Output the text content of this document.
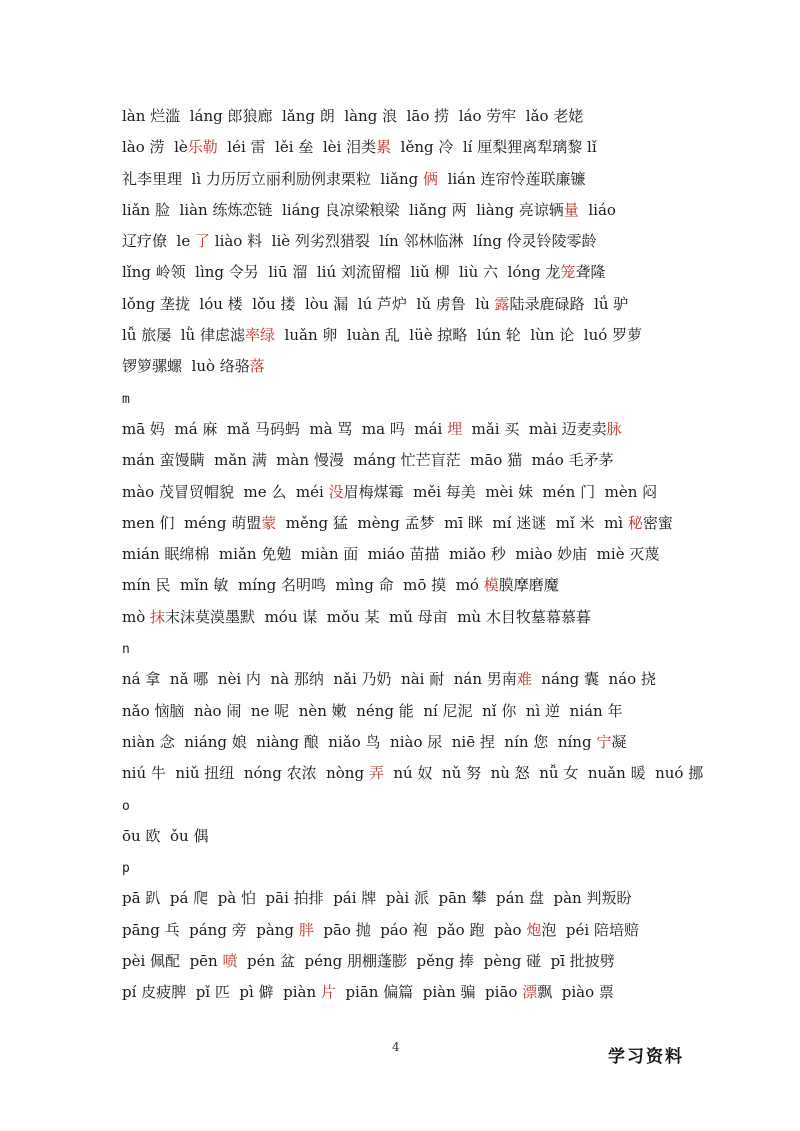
làn 烂滥  láng 郎狼廊  lǎng 朗  làng 浪  lāo 捞  láo 劳牢  lǎo 老姥
lào 涝  lè乐勒  léi 雷  lěi 垒  lèi 泪类累  lěng 冷  lí 厘梨狸离犁璃黎 lǐ
礼李里理  lì 力历厉立丽利励例隶栗粒  liǎng 俩  lián 连帘怜莲联廉镰
liǎn 脸  liàn 练炼恋链  liáng 良凉梁粮梁  liǎng 两  liàng 亮谅辆量  liáo
辽疗僚  le 了 liào 料  liè 列劣烈猎裂  lín 邻林临淋  líng 伶灵铃陵零龄
lǐng 岭领  lìng 令另  liū 溜  liú 刘流留榴  liǔ 柳  liù 六  lóng 龙笼聋隆
lǒng 垄拢  lóu 楼  lǒu 搂  lòu 漏  lú 芦炉  lǔ 虏鲁  lù 露陆录鹿碌路  lǘ 驴
lǚ 旅屡  lǜ 律虑滤率绿  luǎn 卵  luàn 乱  lüè 掠略  lún 轮  lùn 论  luó 罗萝
锣箩骡螺  luò 络骆落
m
mā 妈  má 麻  mǎ 马码蚂  mà 骂  ma 吗  mái 埋  mǎi 买  mài 迈麦卖脉
mán 蛮馒瞒  mǎn 满  màn 慢漫  máng 忙芒盲茫  māo 猫  máo 毛矛茅
mào 茂冒贸帽貌  me 么  méi 没眉梅煤霉  měi 每美  mèi 妹  mén 门  mèn 闷
men 们  méng 萌盟蒙  měng 猛  mèng 孟梦  mī 眯  mí 迷谜  mǐ 米  mì 秘密蜜
mián 眠绵棉  miǎn 免勉  miàn 面  miáo 苗描  miǎo 秒  miào 妙庙  miè 灭蔑
mín 民  mǐn 敏  míng 名明鸣  mìng 命  mō 摸  mó 模膜摩磨魔
mò 抹末沫莫漠墨默  móu 谋  mǒu 某  mǔ 母亩  mù 木目牧墓幕慕暮
n
ná 拿  nǎ 哪  nèi 内  nà 那纳  nǎi 乃奶  nài 耐  nán 男南难  náng 囊  náo 挠
nǎo 恼脑  nào 闹  ne 呢  nèn 嫩  néng 能  ní 尼泥  nǐ 你  nì 逆  nián 年
niàn 念  niáng 娘  niàng 酿  niǎo 鸟  niào 尿  niē 捏  nín 您  níng 宁凝
niú 牛  niǔ 扭纽  nóng 农浓  nòng 弄  nú 奴  nǔ 努  nù 怒  nǚ 女  nuǎn 暖  nuó 挪
o
ōu 欧  ǒu 偶
p
pā 趴  pá 爬  pà 怕  pāi 拍排  pái 牌  pài 派  pān 攀  pán 盘  pàn 判叛盼
pāng 乓  páng 旁  pàng 胖  pāo 抛  páo 袍  pǎo 跑  pào 炮泡  péi 陪培赔
pèi 佩配  pēn 喷  pén 盆  péng 朋棚蓬膨  pěng 捧  pèng 碰  pī 批披劈
pí 皮疲脾  pǐ 匹  pì 僻  piàn 片  piān 偏篇  piàn 骗  piāo 漂飘  piào 票
4	学习资料
